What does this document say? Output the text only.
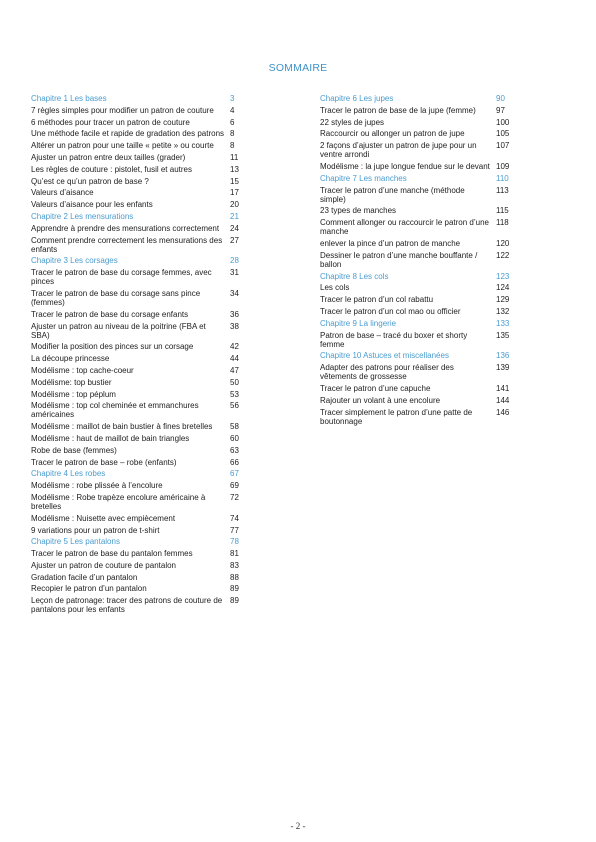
SOMMAIRE
Chapitre 1 Les bases	3
7 règles simples pour modifier un patron de couture	4
6 méthodes pour tracer un patron de couture	6
Une méthode facile et rapide de gradation des patrons 8
Altérer un patron pour une taille « petite » ou courte	8
Ajuster un patron entre deux tailles (grader)	11
Les règles de couture : pistolet, fusil et autres	13
Qu’est ce qu’un patron de base ?	15
Valeurs d’aisance	17
Valeurs d’aisance pour les enfants	20
Chapitre 2 Les mensurations	21
Apprendre à prendre des mensurations correctement	24
Comment prendre correctement les mensurations des enfants
27
Chapitre 3 Les corsages	28
Tracer le patron de base du corsage femmes, avec pinces
31
Tracer le patron de base du corsage sans pince (femmes)
34
Tracer le patron de base du corsage enfants	36
Ajuster un patron au niveau de la poitrine (FBA et SBA)
38
Modifier la position des pinces sur un corsage	42
La découpe princesse	44
Modélisme : top cache-coeur	47
Modélisme: top bustier	50
Modélisme : top péplum	53
Modélisme : top col cheminée et emmanchures américaines
56
Modélisme : maillot de bain bustier à fines bretelles	58
Modélisme : haut de maillot de bain triangles	60
Robe de base (femmes)	63
Tracer le patron de base – robe (enfants)	66
Chapitre 4 Les robes	67
Modélisme : robe plissée à l’encolure	69
Modélisme : Robe trapèze encolure américaine à bretelles
72
Modélisme : Nuisette avec empiècement	74
9 variations pour un patron de t-shirt	77
Chapitre 5 Les pantalons	78
Tracer le patron de base du pantalon femmes	81
Ajuster un patron de couture de pantalon	83
Gradation facile d’un pantalon	88
Recopier le patron d’un pantalon	89
Leçon de patronage: tracer des patrons de couture de pantalons pour les enfants
89
Chapitre 6 Les jupes	90
Tracer le patron de base de la jupe (femme)	97
22 styles de jupes	100
Raccourcir ou allonger un patron de jupe	105
2 façons d’ajuster un patron de jupe pour un ventre arrondi
107
Modélisme : la jupe longue fendue sur le devant 109
Chapitre 7 Les manches	110
Tracer le patron d’une manche (méthode simple)
113
23 types de manches	115
Comment allonger ou raccourcir le patron d’une manche
118
enlever la pince d’un patron de manche	120
Dessiner le patron d’une manche bouffante / ballon
122
Chapitre 8 Les cols	123
Les cols	124
Tracer le patron d’un col rabattu	129
Tracer le patron d’un col mao ou officier	132
Chapitre 9 La lingerie	133
Patron de base – tracé du boxer et shorty femme
135
Chapitre 10 Astuces et miscellanées	136
Adapter des patrons pour réaliser des vêtements de grossesse
139
Tracer le patron d’une capuche	141
Rajouter un volant à une encolure	144
Tracer simplement le patron d’une patte de boutonnage
146
- 2 -
